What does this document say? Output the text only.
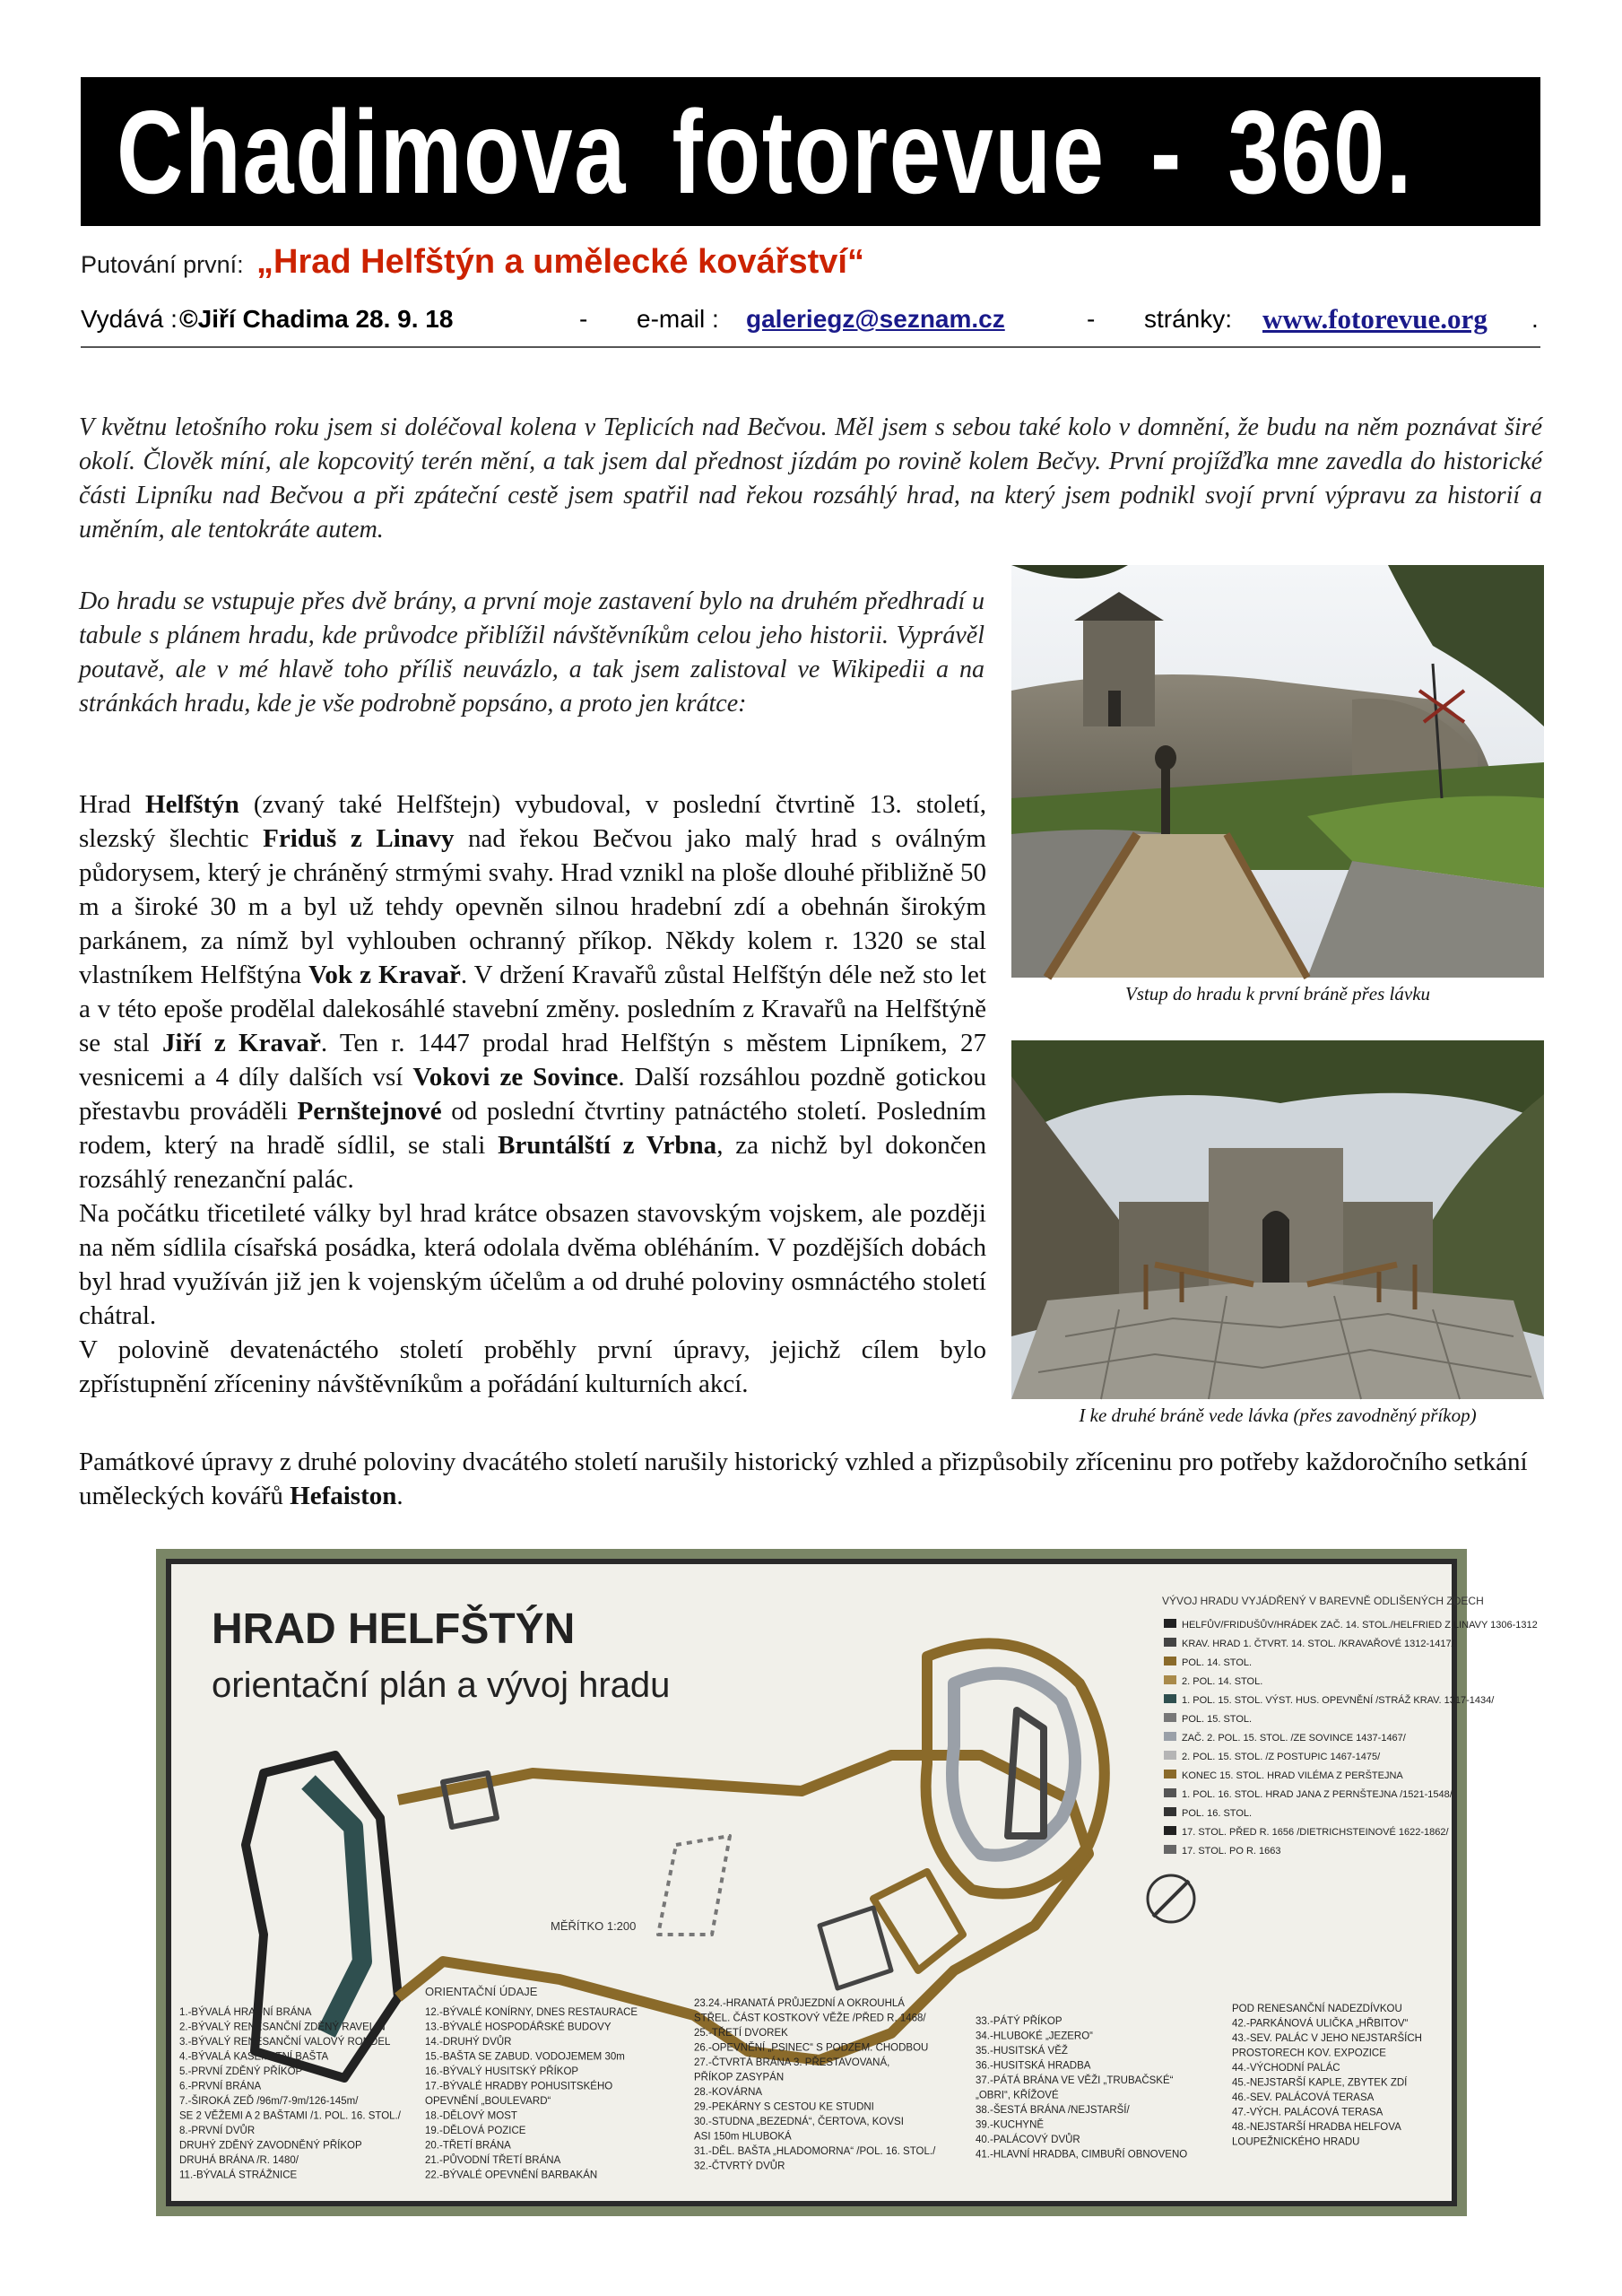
Chadimova fotorevue - 360.
Putování první: „Hrad Helfštýn a umělecké kovářství“
Vydává : ©Jiří Chadima 28. 9. 18	- e-mail : galeriegz@seznam.cz	- stránky: www.fotorevue.org .
V květnu letošního roku jsem si doléčoval kolena v Teplicích nad Bečvou. Měl jsem s sebou také kolo v domnění, že budu na něm poznávat širé okolí. Člověk míní, ale kopcovitý terén mění, a tak jsem dal přednost jízdám po rovině kolem Bečvy. První projížďka mne zavedla do historické části Lipníku nad Bečvou a při zpáteční cestě jsem spatřil nad řekou rozsáhlý hrad, na který jsem podnikl svojí první výpravu za historií a uměním, ale tentokráte autem.
Do hradu se vstupuje přes dvě brány, a první moje zastavení bylo na druhém předhradí u tabule s plánem hradu, kde průvodce přiblížil návštěvníkům celou jeho historii. Vyprávěl poutavě, ale v mé hlavě toho příliš neuvázlo, a tak jsem zalistoval ve Wikipedii a na stránkách hradu, kde je vše podrobně popsáno, a proto jen krátce:
Hrad Helfštýn (zvaný také Helfštejn) vybudoval, v poslední čtvrtině 13. století, slezský šlechtic Friduš z Linavy nad řekou Bečvou jako malý hrad s oválným půdorysem, který je chráněný strmými svahy. Hrad vznikl na ploše dlouhé přibližně 50 m a široké 30 m a byl už tehdy opevněn silnou hradební zdí a obehnán širokým parkánem, za nímž byl vyhlouben ochranný příkop. Někdy kolem r. 1320 se stal vlastníkem Helfštýna Vok z Kravař. V držení Kravařů zůstal Helfštýn déle než sto let a v této epoše prodělal dalekosáhlé stavební změny. posledním z Kravařů na Helfštýně se stal Jiří z Kravař. Ten r. 1447 prodal hrad Helfštýn s městem Lipníkem, 27 vesnicemi a 4 díly dalších vsí Vokovi ze Sovince. Další rozsáhlou pozdně gotickou přestavbu prováděli Pernštejnové od poslední čtvrtiny patnáctého století. Posledním rodem, který na hradě sídlil, se stali Bruntálští z Vrbna, za nichž byl dokončen rozsáhlý renezanční palác.
Na počátku třicetileté války byl hrad krátce obsazen stavovským vojskem, ale později na něm sídlila císařská posádka, která odolala dvěma obléháním. V pozdějších dobách byl hrad využíván již jen k vojenským účelům a od druhé poloviny osmnáctého století chátral.
V polovině devatenáctého století proběhly první úpravy, jejichž cílem bylo zpřístupnění zříceniny návštěvníkům a pořádání kulturních akcí.
Památkové úpravy z druhé poloviny dvacátého století narušily historický vzhled a přizpůsobily zříceninu pro potřeby každoročního setkání uměleckých kovářů Hefaiston.
Vstup do hradu k první bráně přes lávku
I ke druhé bráně vede lávka (přes zavodněný příkop)
HRAD HELFŠTÝN
orientační plán a vývoj hradu
VÝVOJ HRADU VYJÁDŘENÝ V BAREVNĚ ODLIŠENÝCH ZDECH
MĚŘÍTKO 1:200
ORIENTAČNÍ ÚDAJE
HELFŮV/FRIDUŠŮV/HRÁDEK ZAČ. 14. STOL./HELFRIED Z LINAVY 1306-1312
KRAV. HRAD 1. ČTVRT. 14. STOL. /KRAVAŘOVÉ 1312-1417/
POL. 14. STOL.
2. POL. 14. STOL.
1. POL. 15. STOL. VÝST. HUS. OPEVNĚNÍ /STRÁŽ KRAV. 1317-1434/
POL. 15. STOL.
ZAČ. 2. POL. 15. STOL. /ZE SOVINCE 1437-1467/
2. POL. 15. STOL. /Z POSTUPIC 1467-1475/
KONEC 15. STOL. HRAD VILÉMA Z PERŠTEJNA
1. POL. 16. STOL. HRAD JANA Z PERNŠTEJNA /1521-1548/
POL. 16. STOL.
17. STOL. PŘED R. 1656 /DIETRICHSTEINOVÉ 1622-1862/
17. STOL. PO R. 1663
1.-BÝVALÁ HRADNÍ BRÁNA
2.-BÝVALÝ RENESANČNÍ ZDĚNÝ RAVELIN
3.-BÝVALÝ RENESANČNÍ VALOVÝ RONDEL
4.-BÝVALÁ KASEMATNÍ BAŠTA
5.-PRVNÍ ZDĚNÝ PŘÍKOP
6.-PRVNÍ BRÁNA
7.-ŠIROKÁ ZEĎ /96m/7-9m/126-145m/
SE 2 VĚŽEMI A 2 BAŠTAMI /1. POL. 16. STOL./
8.-PRVNÍ DVŮR
DRUHÝ ZDĚNÝ ZAVODNĚNÝ PŘÍKOP
DRUHÁ BRÁNA /R. 1480/
11.-BÝVALÁ STRÁŽNICE
12.-BÝVALÉ KONÍRNY, DNES RESTAURACE
13.-BÝVALÉ HOSPODÁŘSKÉ BUDOVY
14.-DRUHÝ DVŮR
15.-BAŠTA SE ZABUD. VODOJEMEM 30m
16.-BÝVALÝ HUSITSKÝ PŘÍKOP
17.-BÝVALÉ HRADBY POHUSITSKÉHO
OPEVNĚNÍ „BOULEVARD“
18.-DĚLOVÝ MOST
19.-DĚLOVÁ POZICE
20.-TŘETÍ BRÁNA
21.-PŮVODNÍ TŘETÍ BRÁNA
22.-BÝVALÉ OPEVNĚNÍ BARBAKÁN
23.24.-HRANATÁ PRŮJEZDNÍ A OKROUHLÁ
STŘEL. ČÁST KOSTKOVÝ VĚŽE /PŘED R. 1468/
25.-TŘETÍ DVOREK
26.-OPEVNĚNÍ „PSINEC“ S PODZEM. CHODBOU
27.-ČTVRTÁ BRÁNA 3. PŘESTAVOVANÁ,
PŘÍKOP ZASYPÁN
28.-KOVÁRNA
29.-PEKÁRNY S CESTOU KE STUDNI
30.-STUDNA „BEZEDNÁ“, ČERTOVA, KOVSI
ASI 150m HLUBOKÁ
31.-DĚL. BAŠTA „HLADOMORNA“ /POL. 16. STOL./
32.-ČTVRTÝ DVŮR
33.-PÁTÝ PŘÍKOP
34.-HLUBOKÉ „JEZERO“
35.-HUSITSKÁ VĚŽ
36.-HUSITSKÁ HRADBA
37.-PÁTÁ BRÁNA VE VĚŽI „TRUBAČSKÉ“
„OBRI“, KŘÍŽOVÉ
38.-ŠESTÁ BRÁNA /NEJSTARŠÍ/
39.-KUCHYNĚ
40.-PALÁCOVÝ DVŮR
41.-HLAVNÍ HRADBA, CIMBUŘÍ OBNOVENO
POD RENESANČNÍ NADEZDÍVKOU
42.-PARKÁNOVÁ ULIČKA „HŘBITOV“
43.-SEV. PALÁC V JEHO NEJSTARŠÍCH
PROSTORECH KOV. EXPOZICE
44.-VÝCHODNÍ PALÁC
45.-NEJSTARŠÍ KAPLE, ZBYTEK ZDÍ
46.-SEV. PALÁCOVÁ TERASA
47.-VÝCH. PALÁCOVÁ TERASA
48.-NEJSTARŠÍ HRADBA HELFOVA
LOUPEŽNICKÉHO HRADU
